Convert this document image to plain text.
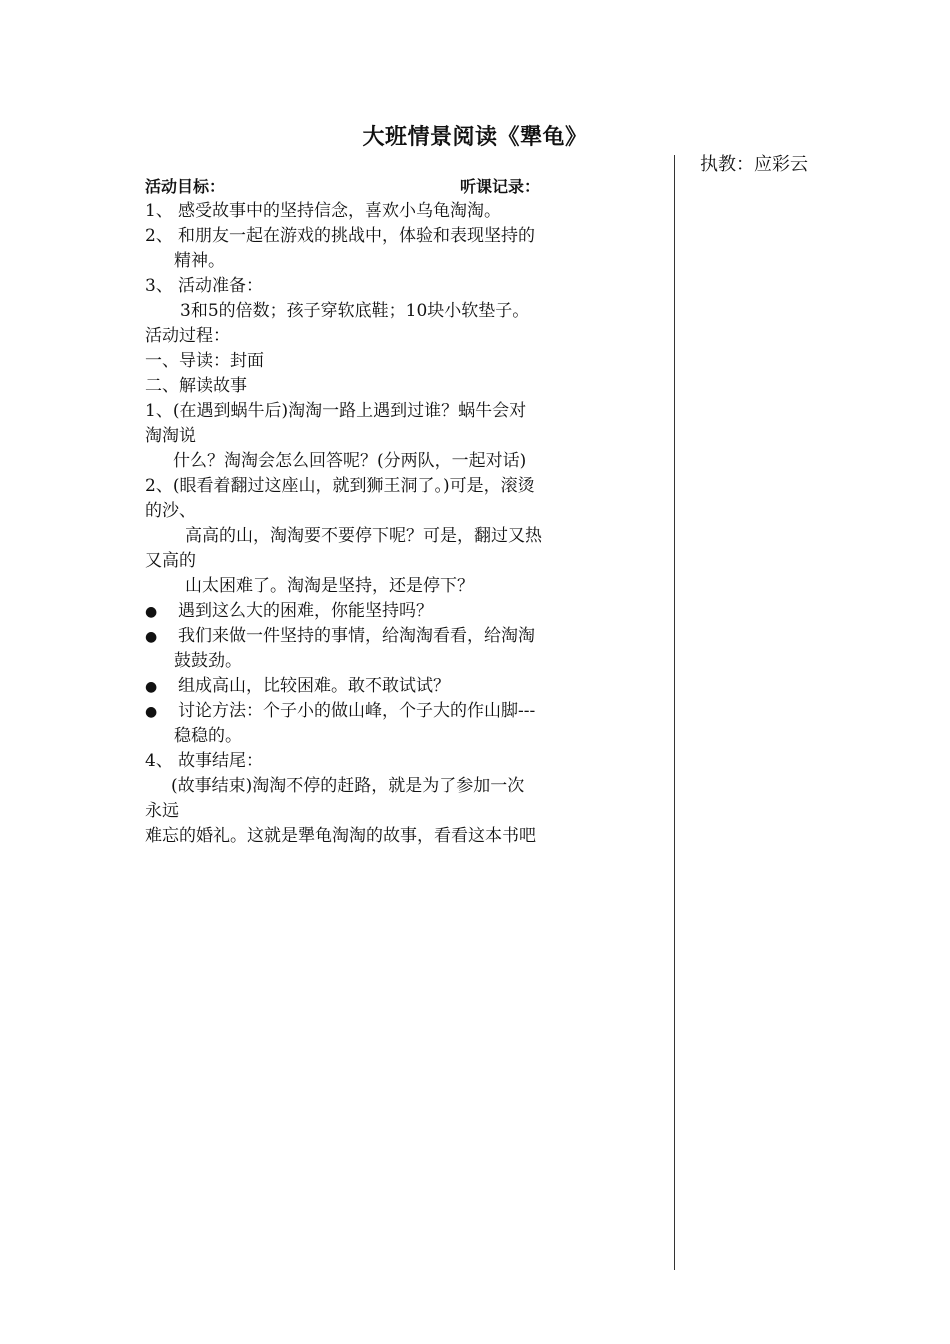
大班情景阅读《犟龟》
执教：应彩云
活动目标：	听课记录：
1、 感受故事中的坚持信念，喜欢小乌龟淘淘。
2、 和朋友一起在游戏的挑战中，体验和表现坚持的
精神。
3、 活动准备：
3和5的倍数；孩子穿软底鞋；10块小软垫子。
活动过程：
一、导读：封面
二、解读故事
1、(在遇到蜗牛后)淘淘一路上遇到过谁？蜗牛会对
淘淘说
什么？淘淘会怎么回答呢？(分两队，一起对话)
2、(眼看着翻过这座山，就到狮王洞了。)可是，滚烫
的沙、
高高的山，淘淘要不要停下呢？可是，翻过又热
又高的
山太困难了。淘淘是坚持，还是停下？
● 遇到这么大的困难，你能坚持吗？
● 我们来做一件坚持的事情，给淘淘看看，给淘淘
鼓鼓劲。
● 组成高山，比较困难。敢不敢试试？
● 讨论方法：个子小的做山峰，个子大的作山脚---
稳稳的。
4、 故事结尾：
(故事结束)淘淘不停的赶路，就是为了参加一次
永远
难忘的婚礼。这就是犟龟淘淘的故事，看看这本书吧
